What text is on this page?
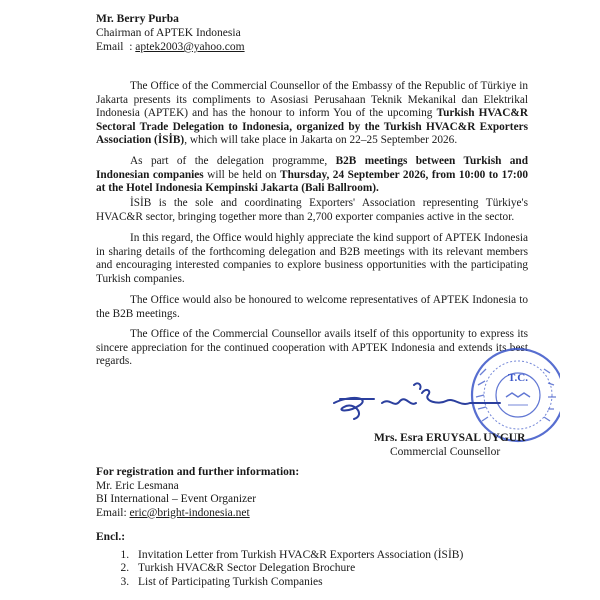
Mr. Berry Purba
Chairman of APTEK Indonesia
Email : aptek2003@yahoo.com
The Office of the Commercial Counsellor of the Embassy of the Republic of Türkiye in Jakarta presents its compliments to Asosiasi Perusahaan Teknik Mekanikal dan Elektrikal Indonesia (APTEK) and has the honour to inform You of the upcoming Turkish HVAC&R Sectoral Trade Delegation to Indonesia, organized by the Turkish HVAC&R Exporters Association (İSİB), which will take place in Jakarta on 22–25 September 2026.
As part of the delegation programme, B2B meetings between Turkish and Indonesian companies will be held on Thursday, 24 September 2026, from 10:00 to 17:00 at the Hotel Indonesia Kempinski Jakarta (Bali Ballroom).
İSİB is the sole and coordinating Exporters' Association representing Türkiye's HVAC&R sector, bringing together more than 2,700 exporter companies active in the sector.
In this regard, the Office would highly appreciate the kind support of APTEK Indonesia in sharing details of the forthcoming delegation and B2B meetings with its relevant members and encouraging interested companies to explore business opportunities with the participating Turkish companies.
The Office would also be honoured to welcome representatives of APTEK Indonesia to the B2B meetings.
The Office of the Commercial Counsellor avails itself of this opportunity to express its sincere appreciation for the continued cooperation with APTEK Indonesia and extends its best regards.
T.C.
Mrs. Esra ERUYSAL UYGUR
Commercial Counsellor
For registration and further information:
Mr. Eric Lesmana
BI International – Event Organizer
Email: eric@bright-indonesia.net
Encl.:
1. Invitation Letter from Turkish HVAC&R Exporters Association (İSİB)
2. Turkish HVAC&R Sector Delegation Brochure
3. List of Participating Turkish Companies
